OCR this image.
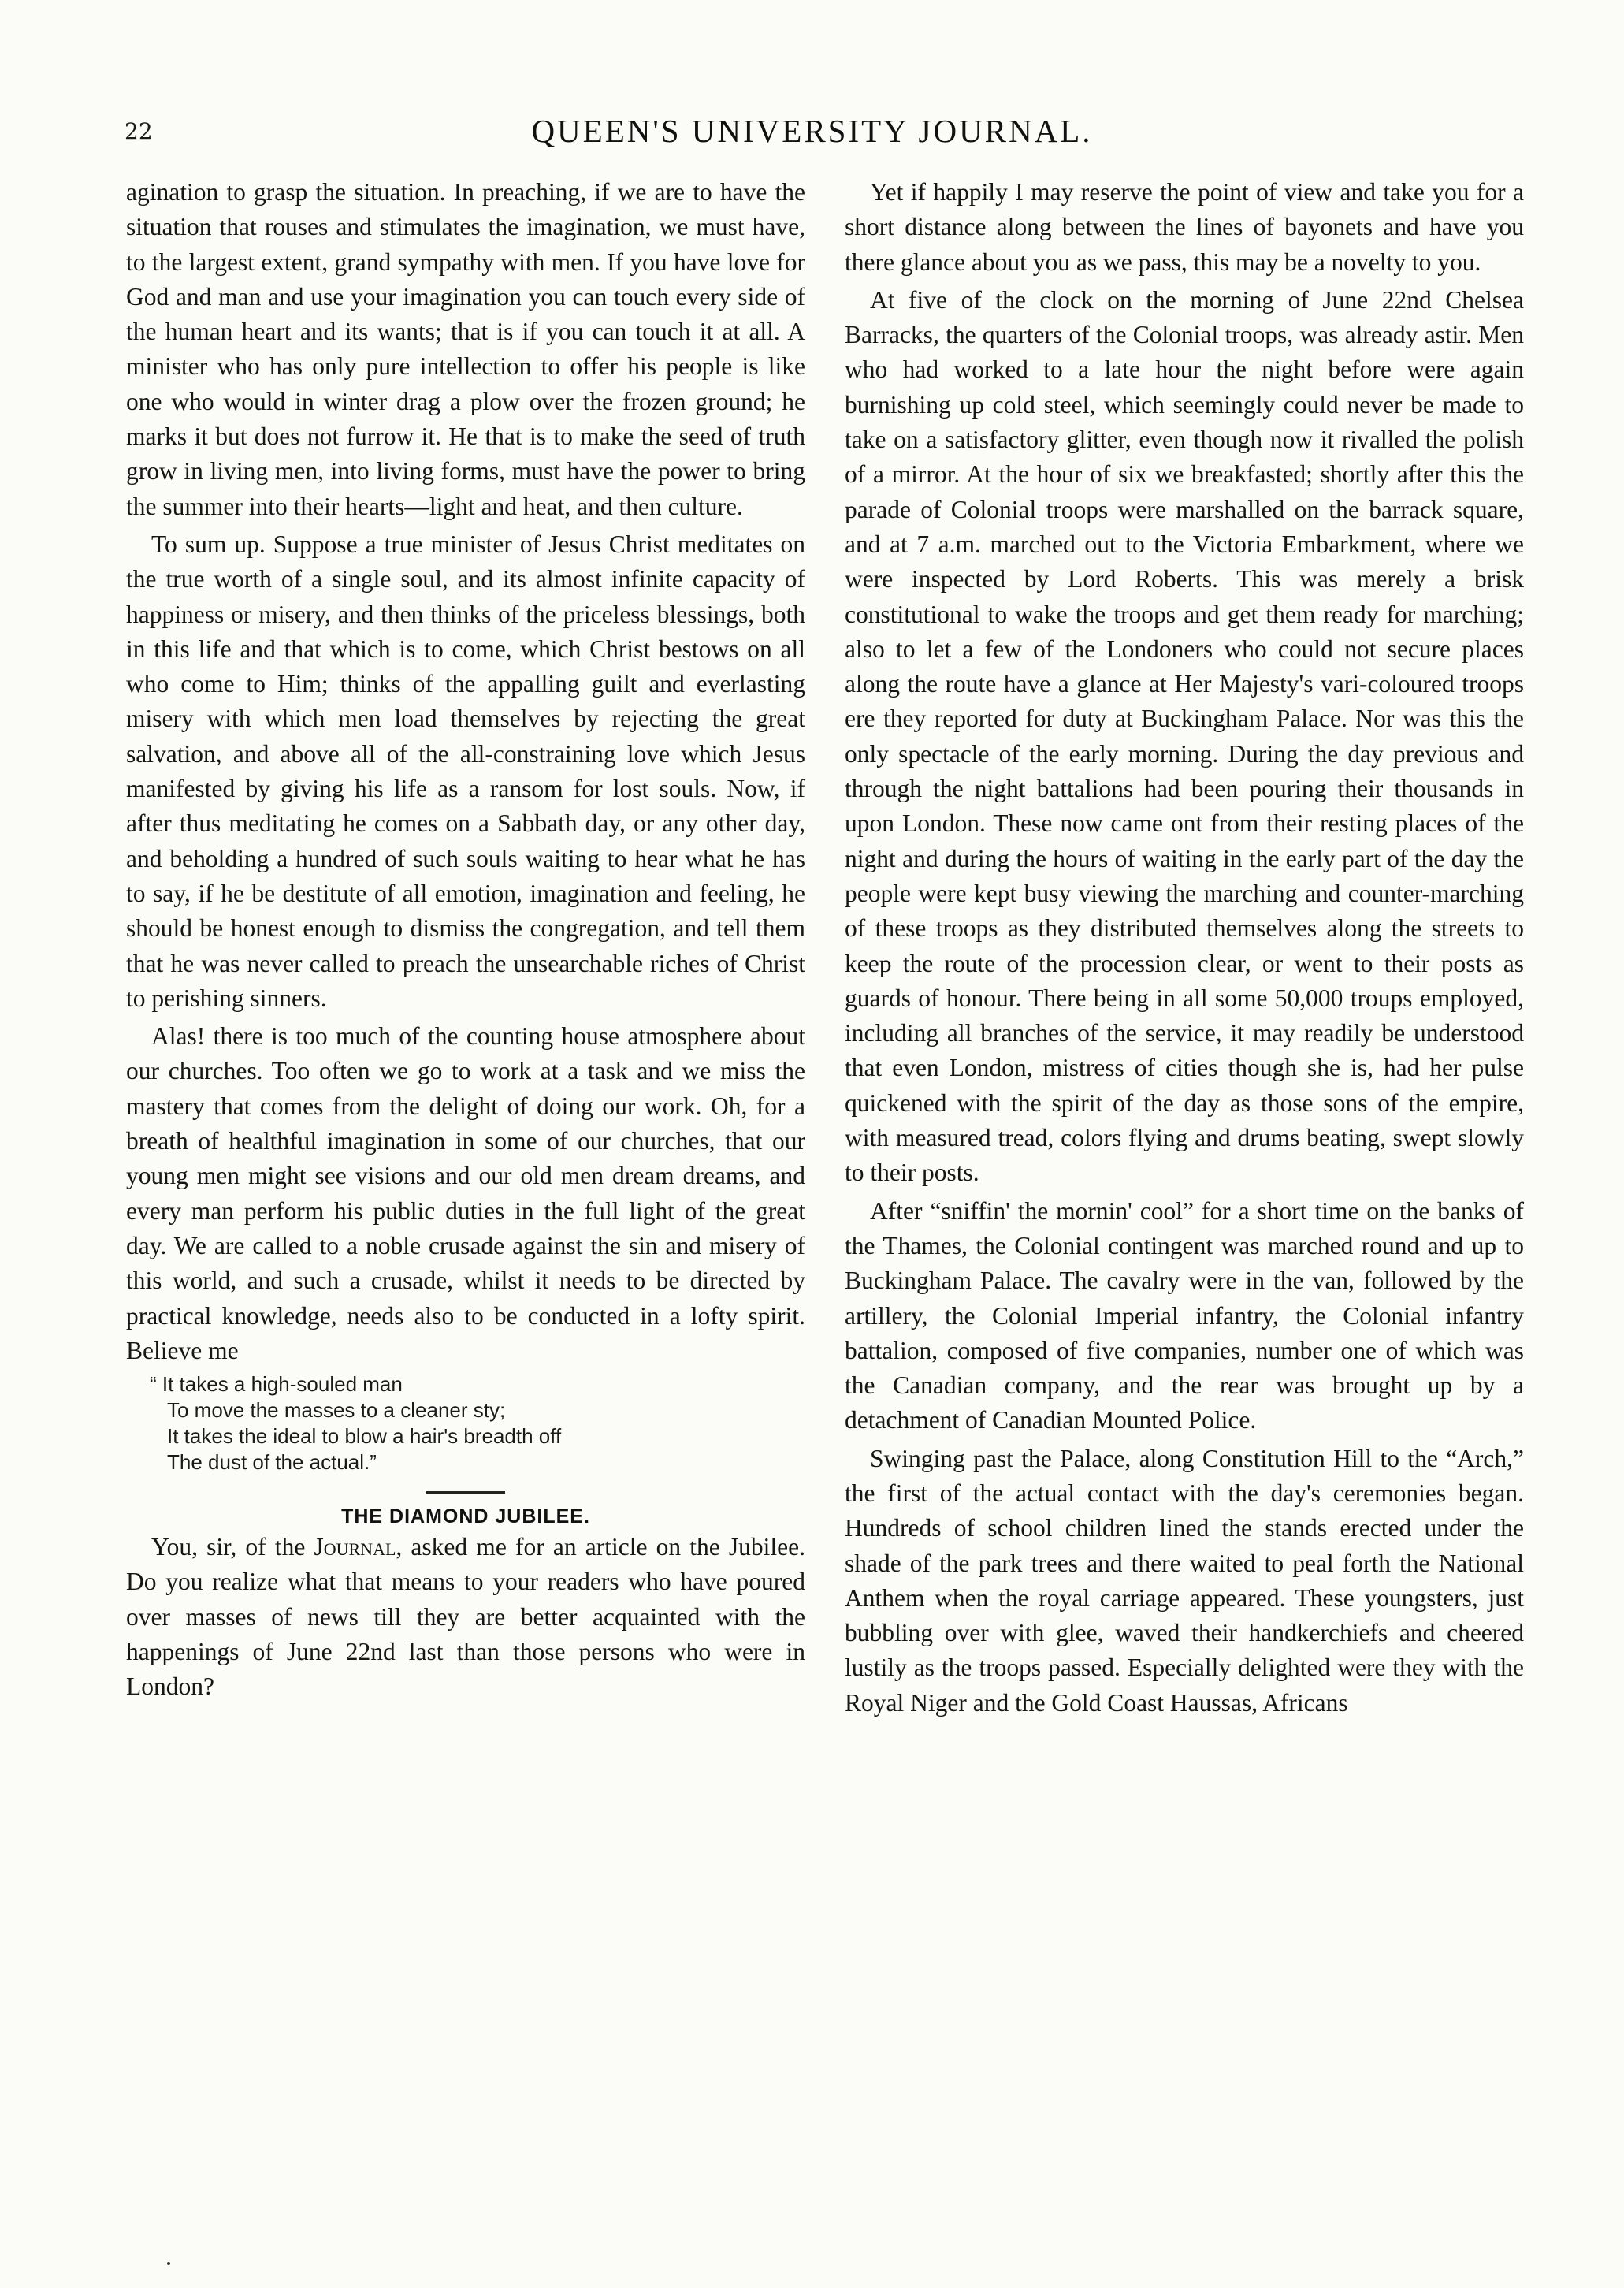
22	QUEEN'S UNIVERSITY JOURNAL.

agination to grasp the situation. In preaching, if we are to have the situation that rouses and stimulates the imagination, we must have, to the largest extent, grand sympathy with men. If you have love for God and man and use your imagination you can touch every side of the human heart and its wants; that is if you can touch it at all. A minister who has only pure intellection to offer his people is like one who would in winter drag a plow over the frozen ground; he marks it but does not furrow it. He that is to make the seed of truth grow in living men, into living forms, must have the power to bring the summer into their hearts—light and heat, and then culture.

To sum up. Suppose a true minister of Jesus Christ meditates on the true worth of a single soul, and its almost infinite capacity of happiness or misery, and then thinks of the priceless blessings, both in this life and that which is to come, which Christ bestows on all who come to Him; thinks of the appalling guilt and everlasting misery with which men load themselves by rejecting the great salvation, and above all of the all-constraining love which Jesus manifested by giving his life as a ransom for lost souls. Now, if after thus meditating he comes on a Sabbath day, or any other day, and beholding a hundred of such souls waiting to hear what he has to say, if he be destitute of all emotion, imagination and feeling, he should be honest enough to dismiss the congregation, and tell them that he was never called to preach the unsearchable riches of Christ to perishing sinners.

Alas! there is too much of the counting house atmosphere about our churches. Too often we go to work at a task and we miss the mastery that comes from the delight of doing our work. Oh, for a breath of healthful imagination in some of our churches, that our young men might see visions and our old men dream dreams, and every man perform his public duties in the full light of the great day. We are called to a noble crusade against the sin and misery of this world, and such a crusade, whilst it needs to be directed by practical knowledge, needs also to be conducted in a lofty spirit. Believe me

“ It takes a high-souled man
To move the masses to a cleaner sty;
It takes the ideal to blow a hair's breadth off
The dust of the actual.”
THE DIAMOND JUBILEE.

You, sir, of the Journal, asked me for an article on the Jubilee. Do you realize what that means to your readers who have poured over masses of news till they are better acquainted with the happenings of June 22nd last than those persons who were in London?

Yet if happily I may reserve the point of view and take you for a short distance along between the lines of bayonets and have you there glance about you as we pass, this may be a novelty to you.

At five of the clock on the morning of June 22nd Chelsea Barracks, the quarters of the Colonial troops, was already astir. Men who had worked to a late hour the night before were again burnishing up cold steel, which seemingly could never be made to take on a satisfactory glitter, even though now it rivalled the polish of a mirror. At the hour of six we breakfasted; shortly after this the parade of Colonial troops were marshalled on the barrack square, and at 7 a.m. marched out to the Victoria Embarkment, where we were inspected by Lord Roberts. This was merely a brisk constitutional to wake the troops and get them ready for marching; also to let a few of the Londoners who could not secure places along the route have a glance at Her Majesty's vari-coloured troops ere they reported for duty at Buckingham Palace. Nor was this the only spectacle of the early morning. During the day previous and through the night battalions had been pouring their thousands in upon London. These now came ont from their resting places of the night and during the hours of waiting in the early part of the day the people were kept busy viewing the marching and counter-marching of these troops as they distributed themselves along the streets to keep the route of the procession clear, or went to their posts as guards of honour. There being in all some 50,000 troups employed, including all branches of the service, it may readily be understood that even London, mistress of cities though she is, had her pulse quickened with the spirit of the day as those sons of the empire, with measured tread, colors flying and drums beating, swept slowly to their posts.

After “sniffin' the mornin' cool” for a short time on the banks of the Thames, the Colonial contingent was marched round and up to Buckingham Palace. The cavalry were in the van, followed by the artillery, the Colonial Imperial infantry, the Colonial infantry battalion, composed of five companies, number one of which was the Canadian company, and the rear was brought up by a detachment of Canadian Mounted Police.

Swinging past the Palace, along Constitution Hill to the “Arch,” the first of the actual contact with the day's ceremonies began. Hundreds of school children lined the stands erected under the shade of the park trees and there waited to peal forth the National Anthem when the royal carriage appeared. These youngsters, just bubbling over with glee, waved their handkerchiefs and cheered lustily as the troops passed. Especially delighted were they with the Royal Niger and the Gold Coast Haussas, Africans
